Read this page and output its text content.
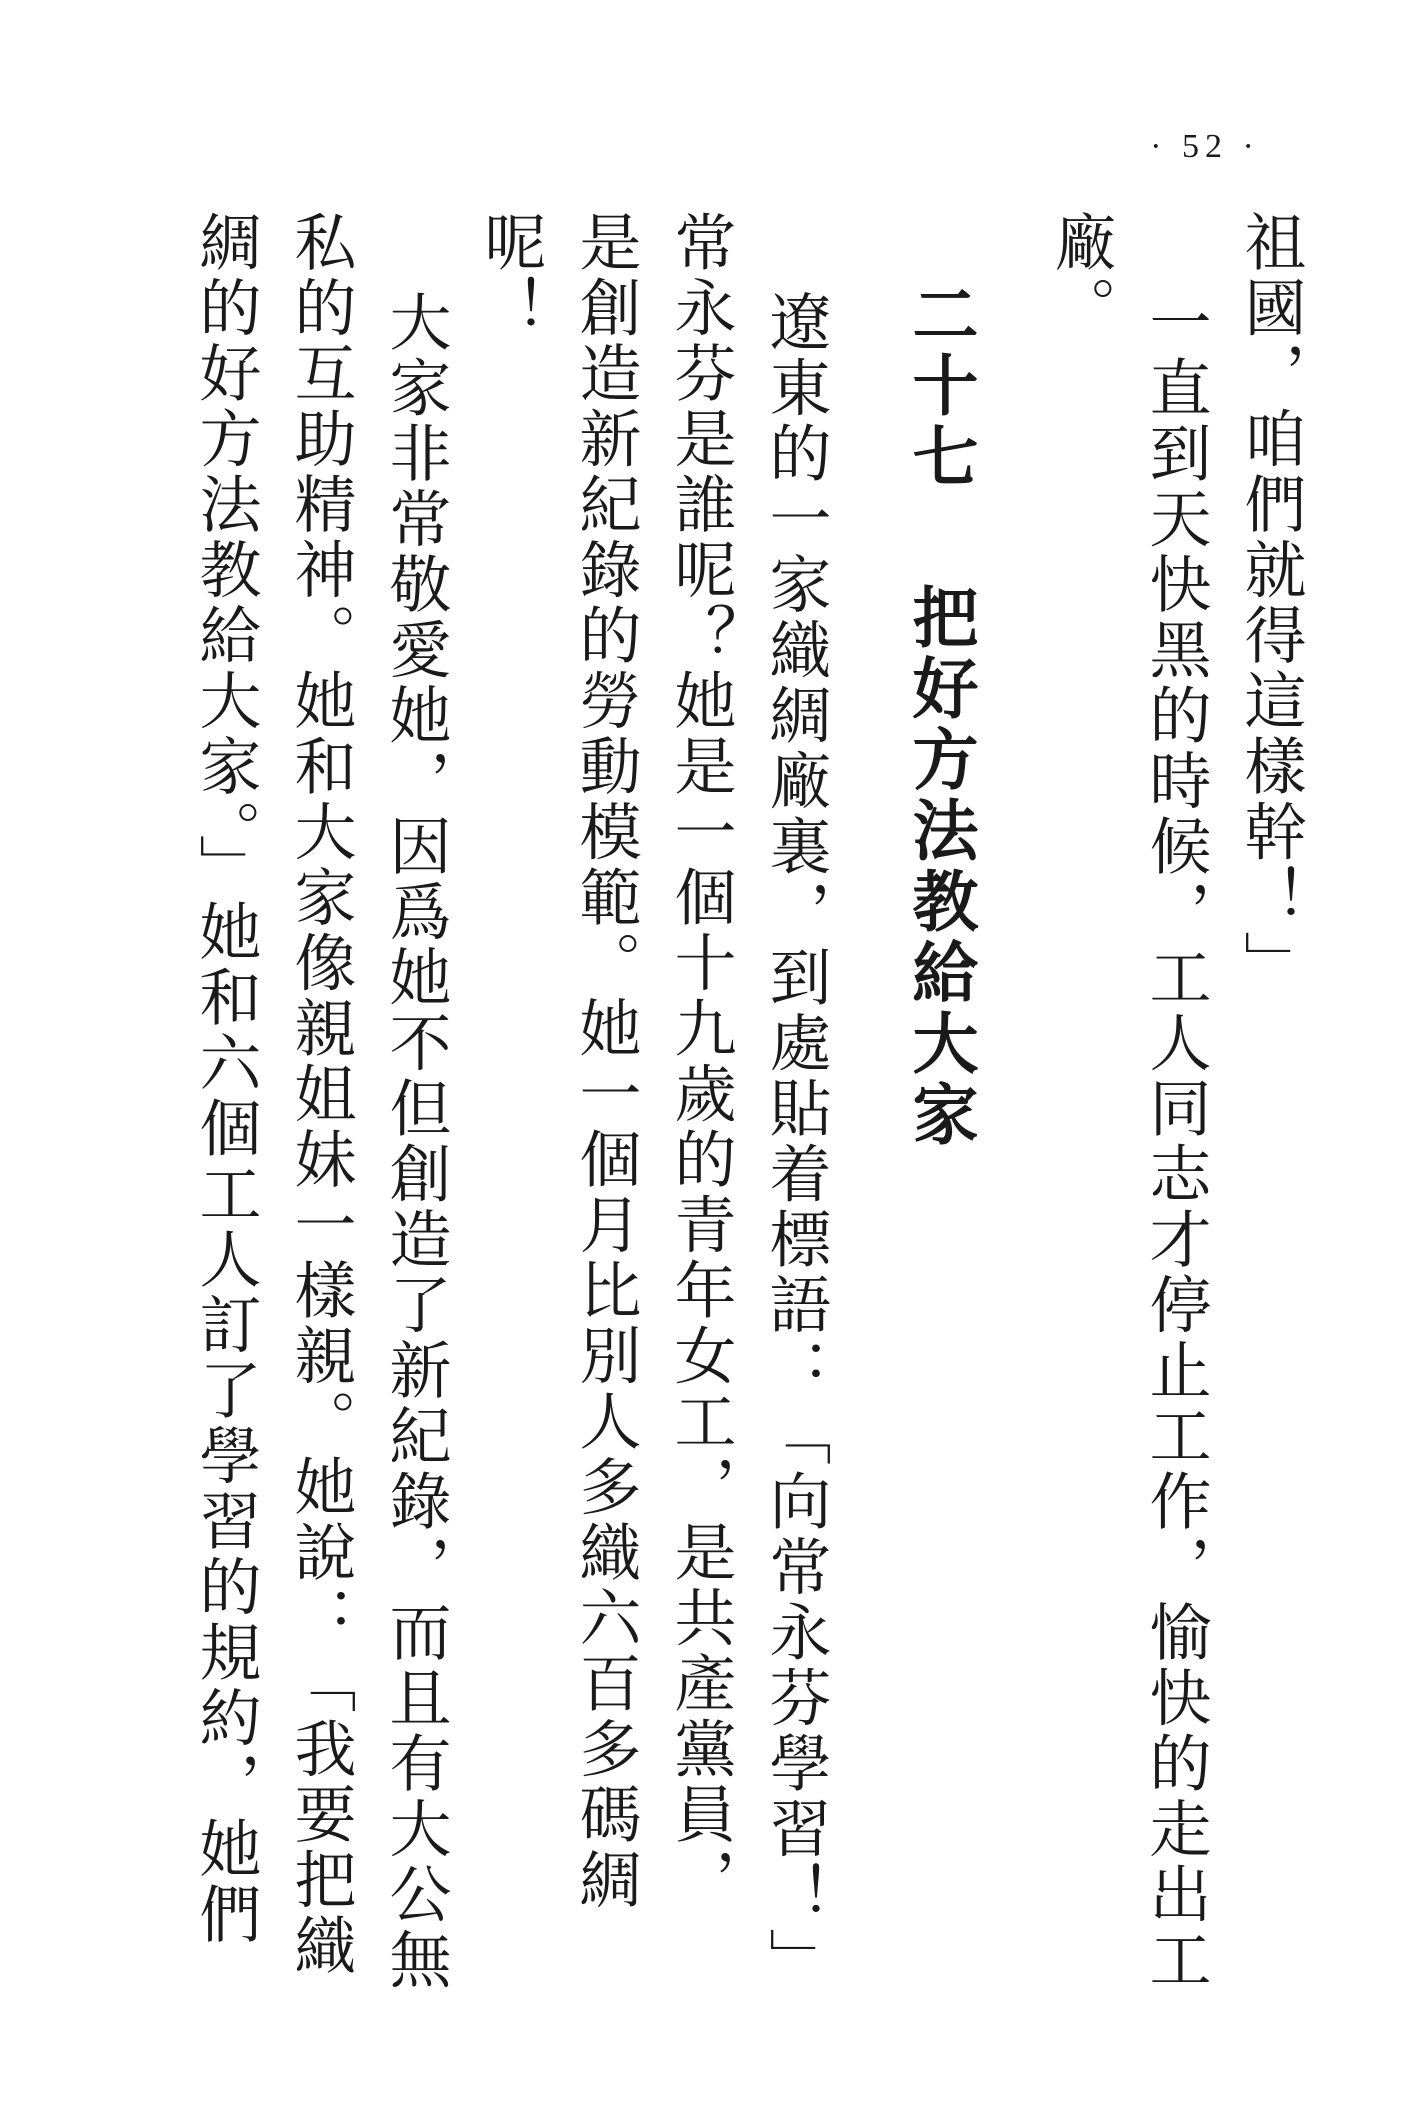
· 52 ·
祖國，咱們就得這樣幹！」
一直到天快黑的時候，工人同志才停止工作，愉快的走出工
廠。
二十七把好方法教給大家
遼東的一家織綢廠裏，到處貼着標語：「向常永芬學習！」
常永芬是誰呢？她是一個十九歲的青年女工，是共產黨員，
是創造新紀錄的勞動模範。她一個月比別人多織六百多碼綢
呢！
大家非常敬愛她，因爲她不但創造了新紀錄，而且有大公無
私的互助精神。她和大家像親姐妹一樣親。她說：「我要把織
綢的好方法教給大家。」她和六個工人訂了學習的規約，她們
